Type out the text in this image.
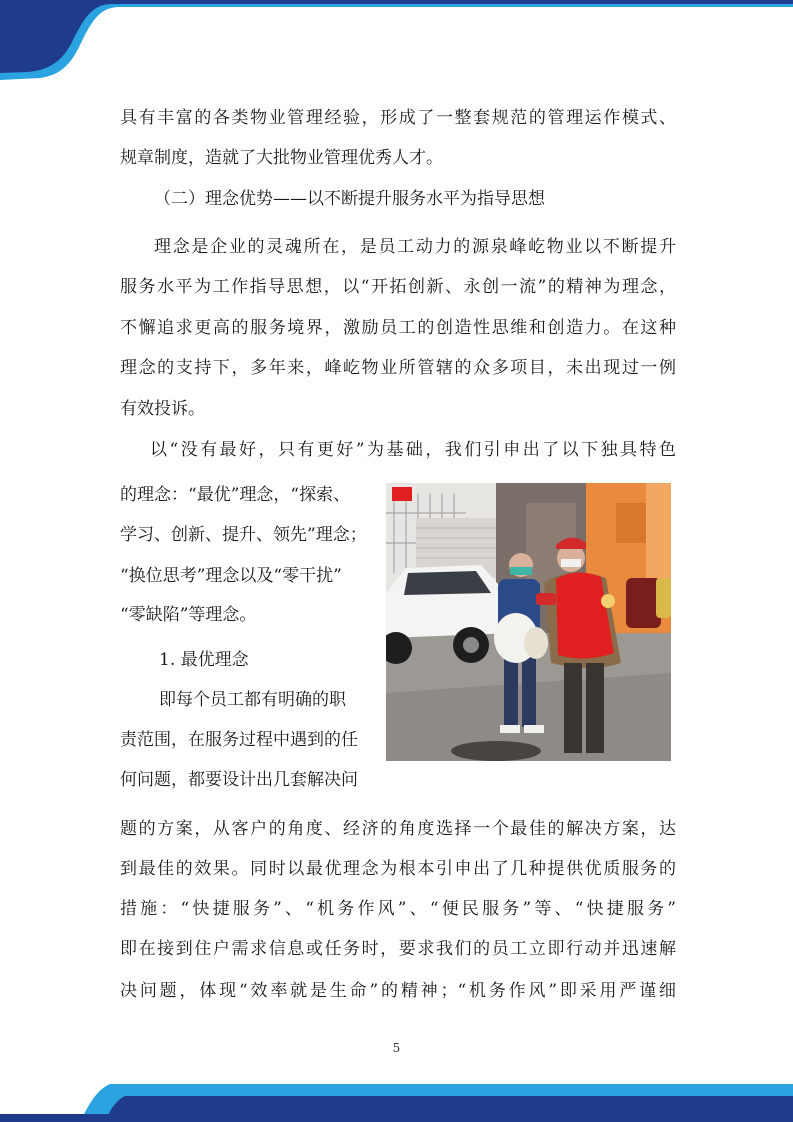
具有丰富的各类物业管理经验，形成了一整套规范的管理运作模式、
规章制度，造就了大批物业管理优秀人才。
（二）理念优势——以不断提升服务水平为指导思想
理念是企业的灵魂所在，是员工动力的源泉峰屹物业以不断提升
服务水平为工作指导思想，以“开拓创新、永创一流”的精神为理念，
不懈追求更高的服务境界，激励员工的创造性思维和创造力。在这种
理念的支持下，多年来，峰屹物业所管辖的众多项目，未出现过一例
有效投诉。
以“没有最好，只有更好”为基础，我们引申出了以下独具特色
的理念：“最优”理念，“探索、
学习、创新、提升、领先”理念；
“换位思考”理念以及“零干扰”
“零缺陷”等理念。
1. 最优理念
即每个员工都有明确的职
责范围，在服务过程中遇到的任
何问题，都要设计出几套解决问
题的方案，从客户的角度、经济的角度选择一个最佳的解决方案，达
到最佳的效果。同时以最优理念为根本引申出了几种提供优质服务的
措施：“快捷服务”、“机务作风”、“便民服务”等、“快捷服务”
即在接到住户需求信息或任务时，要求我们的员工立即行动并迅速解
决问题，体现“效率就是生命”的精神；“机务作风”即采用严谨细
5
